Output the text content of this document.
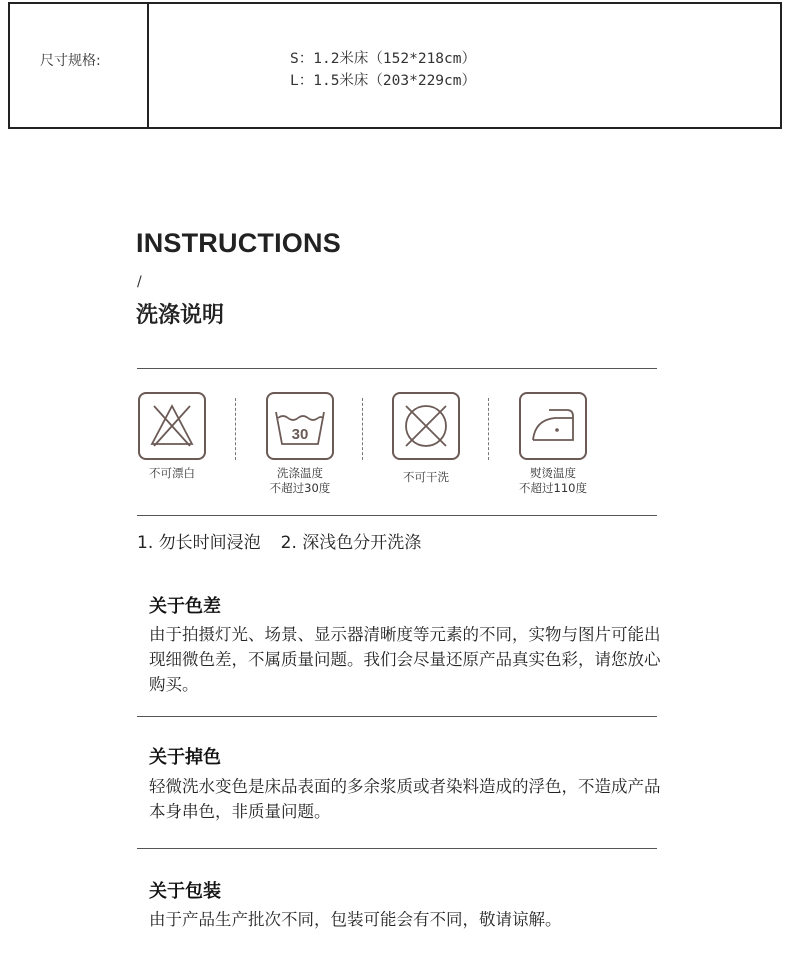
尺寸规格:	S：1.2米床（152*218cm）
L：1.5米床（203*229cm）
INSTRUCTIONS
/
洗涤说明
不可漂白
30
洗涤温度
不超过30度
不可干洗	熨烫温度
不超过110度
1. 勿长时间浸泡 2. 深浅色分开洗涤
关于色差
由于拍摄灯光、场景、显示器清晰度等元素的不同，实物与图片可能出现细微色差，不属质量问题。我们会尽量还原产品真实色彩，请您放心购买。
关于掉色
轻微洗水变色是床品表面的多余浆质或者染料造成的浮色，不造成产品本身串色，非质量问题。
关于包装
由于产品生产批次不同，包装可能会有不同，敬请谅解。
